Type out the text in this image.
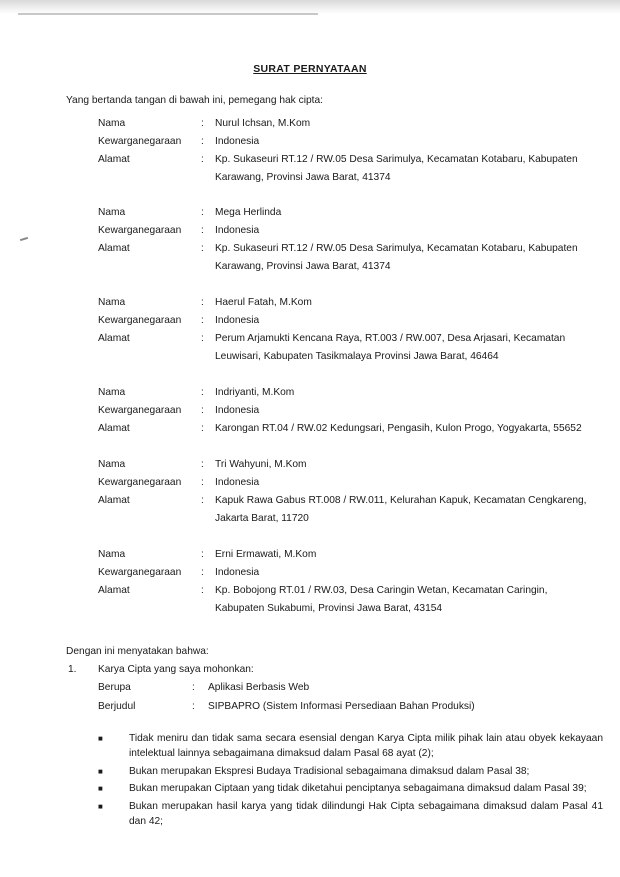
SURAT PERNYATAAN
Yang bertanda tangan di bawah ini, pemegang hak cipta:
Nama	:	Nurul Ichsan, M.Kom
Kewarganegaraan	:	Indonesia
Alamat	:	Kp. Sukaseuri RT.12 / RW.05 Desa Sarimulya, Kecamatan Kotabaru, Kabupaten
Karawang, Provinsi Jawa Barat, 41374
Nama	:	Mega Herlinda
Kewarganegaraan	:	Indonesia
Alamat	:	Kp. Sukaseuri RT.12 / RW.05 Desa Sarimulya, Kecamatan Kotabaru, Kabupaten
Karawang, Provinsi Jawa Barat, 41374
Nama	:	Haerul Fatah, M.Kom
Kewarganegaraan	:	Indonesia
Alamat	:	Perum Arjamukti Kencana Raya, RT.003 / RW.007, Desa Arjasari, Kecamatan
Leuwisari, Kabupaten Tasikmalaya Provinsi Jawa Barat, 46464
Nama	:	Indriyanti, M.Kom
Kewarganegaraan	:	Indonesia
Alamat	:	Karongan RT.04 / RW.02 Kedungsari, Pengasih, Kulon Progo, Yogyakarta, 55652
Nama	:	Tri Wahyuni, M.Kom
Kewarganegaraan	:	Indonesia
Alamat	:	Kapuk Rawa Gabus RT.008 / RW.011, Kelurahan Kapuk, Kecamatan Cengkareng,
Jakarta Barat, 11720
Nama	:	Erni Ermawati, M.Kom
Kewarganegaraan	:	Indonesia
Alamat	:	Kp. Bobojong RT.01 / RW.03, Desa Caringin Wetan, Kecamatan Caringin,
Kabupaten Sukabumi, Provinsi Jawa Barat, 43154
Dengan ini menyatakan bahwa:
1.	Karya Cipta yang saya mohonkan:
Berupa	:	Aplikasi Berbasis Web
Berjudul	:	SIPBAPRO (Sistem Informasi Persediaan Bahan Produksi)
■	Tidak meniru dan tidak sama secara esensial dengan Karya Cipta milik pihak lain atau obyek kekayaan intelektual lainnya sebagaimana dimaksud dalam Pasal 68 ayat (2);
■	Bukan merupakan Ekspresi Budaya Tradisional sebagaimana dimaksud dalam Pasal 38;
■	Bukan merupakan Ciptaan yang tidak diketahui penciptanya sebagaimana dimaksud dalam Pasal 39;
■	Bukan merupakan hasil karya yang tidak dilindungi Hak Cipta sebagaimana dimaksud dalam Pasal 41 dan 42;
